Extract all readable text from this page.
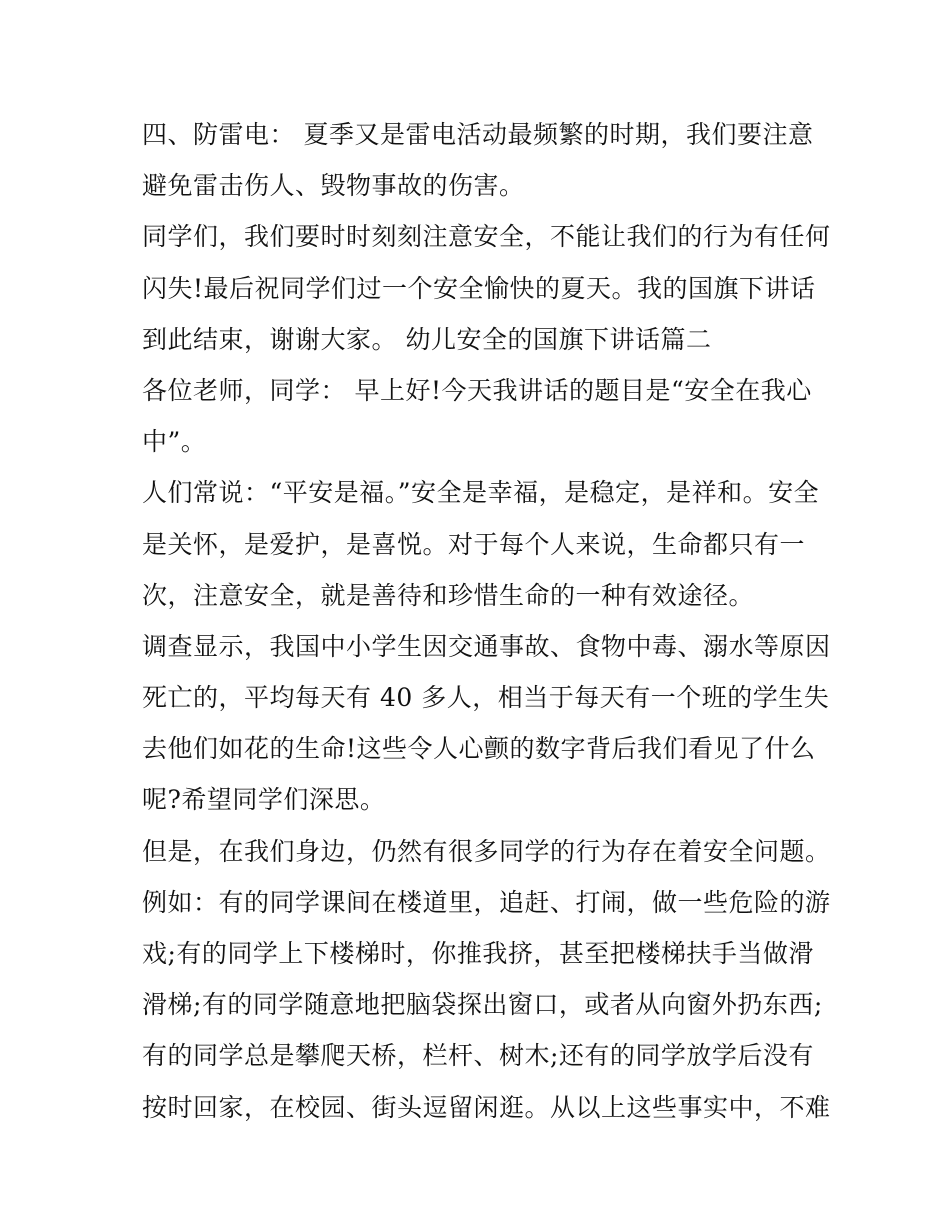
四、防雷电： 夏季又是雷电活动最频繁的时期，我们要注意
避免雷击伤人、毁物事故的伤害。
同学们，我们要时时刻刻注意安全，不能让我们的行为有任何
闪失!最后祝同学们过一个安全愉快的夏天。我的国旗下讲话
到此结束，谢谢大家。 幼儿安全的国旗下讲话篇二
各位老师，同学： 早上好!今天我讲话的题目是“安全在我心
中”。
人们常说：“平安是福。”安全是幸福，是稳定，是祥和。安全
是关怀，是爱护，是喜悦。对于每个人来说，生命都只有一
次，注意安全，就是善待和珍惜生命的一种有效途径。
调查显示，我国中小学生因交通事故、食物中毒、溺水等原因
死亡的，平均每天有 40 多人，相当于每天有一个班的学生失
去他们如花的生命!这些令人心颤的数字背后我们看见了什么
呢?希望同学们深思。
但是，在我们身边，仍然有很多同学的行为存在着安全问题。
例如：有的同学课间在楼道里，追赶、打闹，做一些危险的游
戏;有的同学上下楼梯时，你推我挤，甚至把楼梯扶手当做滑
滑梯;有的同学随意地把脑袋探出窗口，或者从向窗外扔东西;
有的同学总是攀爬天桥，栏杆、树木;还有的同学放学后没有
按时回家，在校园、街头逗留闲逛。从以上这些事实中，不难
